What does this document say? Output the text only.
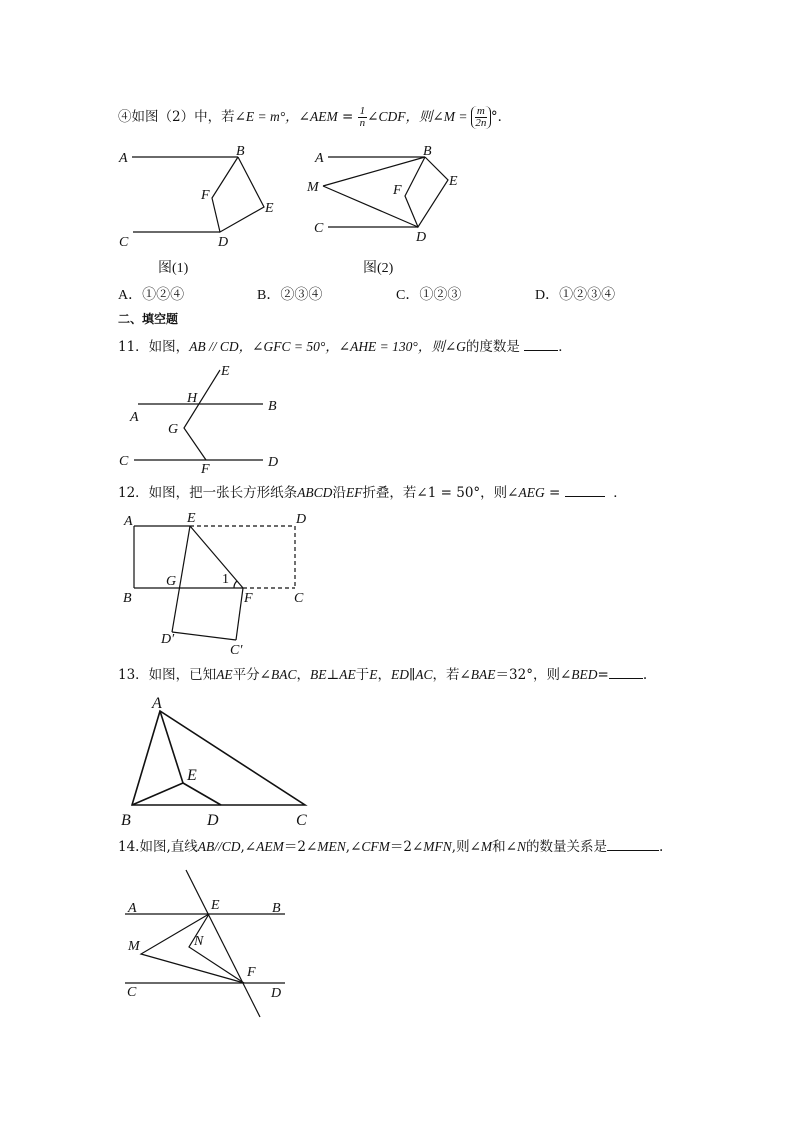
④如图（2）中，若∠E = m°，∠AEM = $\frac{1}{n}$ ∠CDF，则∠M = $\frac{m}{2n}$ °．
A	B
C	D
E
F
A	B
C
D
E
F
M
E
H
A
B
G
C	D
F
A	E	D
G	1
B	F	C
D′
C′
A
E
B	D	C
A	E	B
M	N
F
C	D
图(1)	图(2)
A．①②④	B．②③④	C．①②③	D．①②③④
二、填空题
11．如图，AB // CD，∠GFC = 50°，∠AHE = 130°，则∠G的度数是	．
12．如图，把一张长方形纸条ABCD沿EF折叠，若∠1 = 50°，则∠AEG =	．
13．如图，已知AE平分∠BAC，BE⊥AE于E，ED∥AC，若∠BAE＝32°，则∠BED=	.
14.如图,直线AB//CD,∠AEM＝2∠MEN,∠CFM＝2∠MFN,则∠M和∠N的数量关系是	.
